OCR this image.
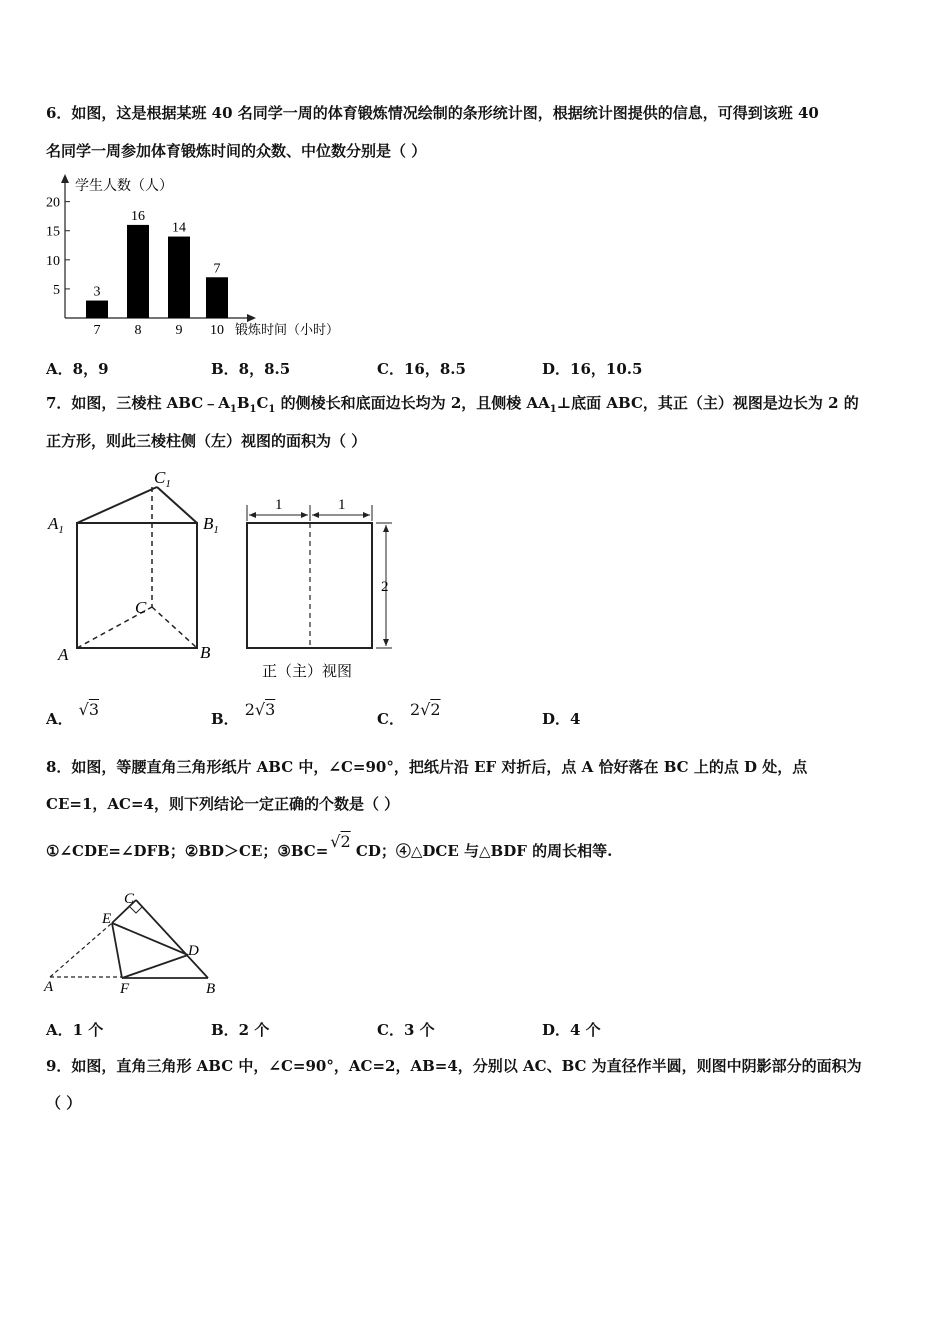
6．如图，这是根据某班 40 名同学一周的体育锻炼情况绘制的条形统计图，根据统计图提供的信息，可得到该班 40
名同学一周参加体育锻炼时间的众数、中位数分别是（ ）
学生人数（人）
锻炼时间（小时）
5
10
15
20
3
7
16
8
14
9
7
10
A．8，9	B．8，8.5	C．16，8.5	D．16，10.5
7．如图，三棱柱 $ABC﹣A_1B_1C_1$ 的侧棱长和底面边长均为 2，且侧棱 $AA_1\perp$底面 ABC，其正（主）视图是边长为 2 的
正方形，则此三棱柱侧（左）视图的面积为（ ）
$C_1$
$A_1$	$B_1$
C
A	B
1	1
2
正（主）视图
A． √3	B． 2√3	C． 2√2	D．4
8．如图，等腰直角三角形纸片 ABC 中，∠C=90°，把纸片沿 EF 对折后，点 A 恰好落在 BC 上的点 D 处，点
CE=1，AC=4，则下列结论一定正确的个数是（ ）
①∠CDE=∠DFB；②BD＞CE；③BC= √2 CD；④△DCE 与△BDF 的周长相等.
C
E
D
A	F	B
A．1 个	B．2 个	C．3 个	D．4 个
9．如图，直角三角形 ABC 中，∠C=90°，AC=2，AB=4，分别以 AC、BC 为直径作半圆，则图中阴影部分的面积为
（ ）
